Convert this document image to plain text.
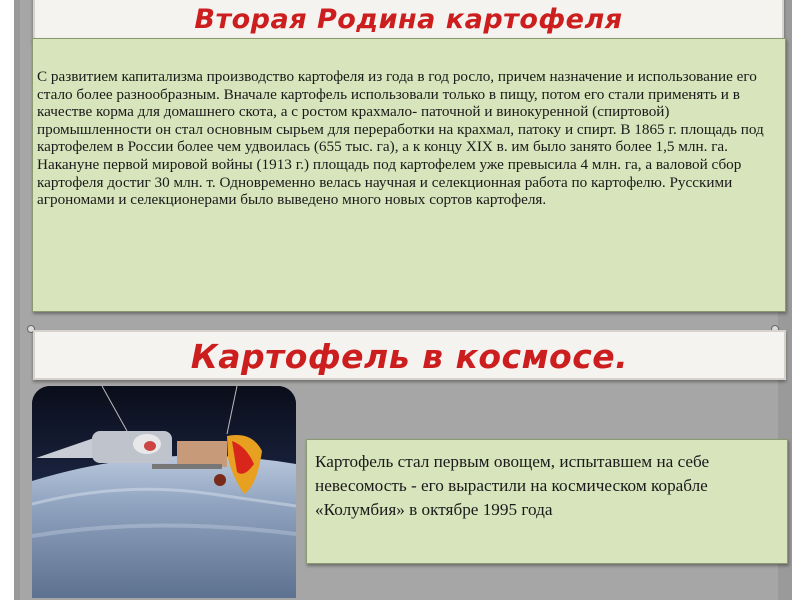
Вторая Родина картофеля

С развитием капитализма производство картофеля из года в год росло, причем назначение и использование его стало более разнообразным. Вначале картофель использовали только в пищу, потом его стали применять и в качестве корма для домашнего скота, а с ростом крахмало- паточной и винокуренной (спиртовой) промышленности он стал основным сырьем для переработки на крахмал, патоку и спирт. В 1865 г. площадь под картофелем в России более чем удвоилась (655 тыс. га), а к концу XIX в. им было занято более 1,5 млн. га. Накануне первой мировой войны (1913 г.) площадь под картофелем уже превысила 4 млн. га, а валовой сбор картофеля достиг 30 млн. т. Одновременно велась научная и селекционная работа по картофелю. Русскими агрономами и селекционерами было выведено много новых сортов картофеля.

Картофель в космосе.

Картофель стал первым овощем, испытавшем на себе невесомость - его вырастили на космическом корабле «Колумбия» в октябре 1995 года
